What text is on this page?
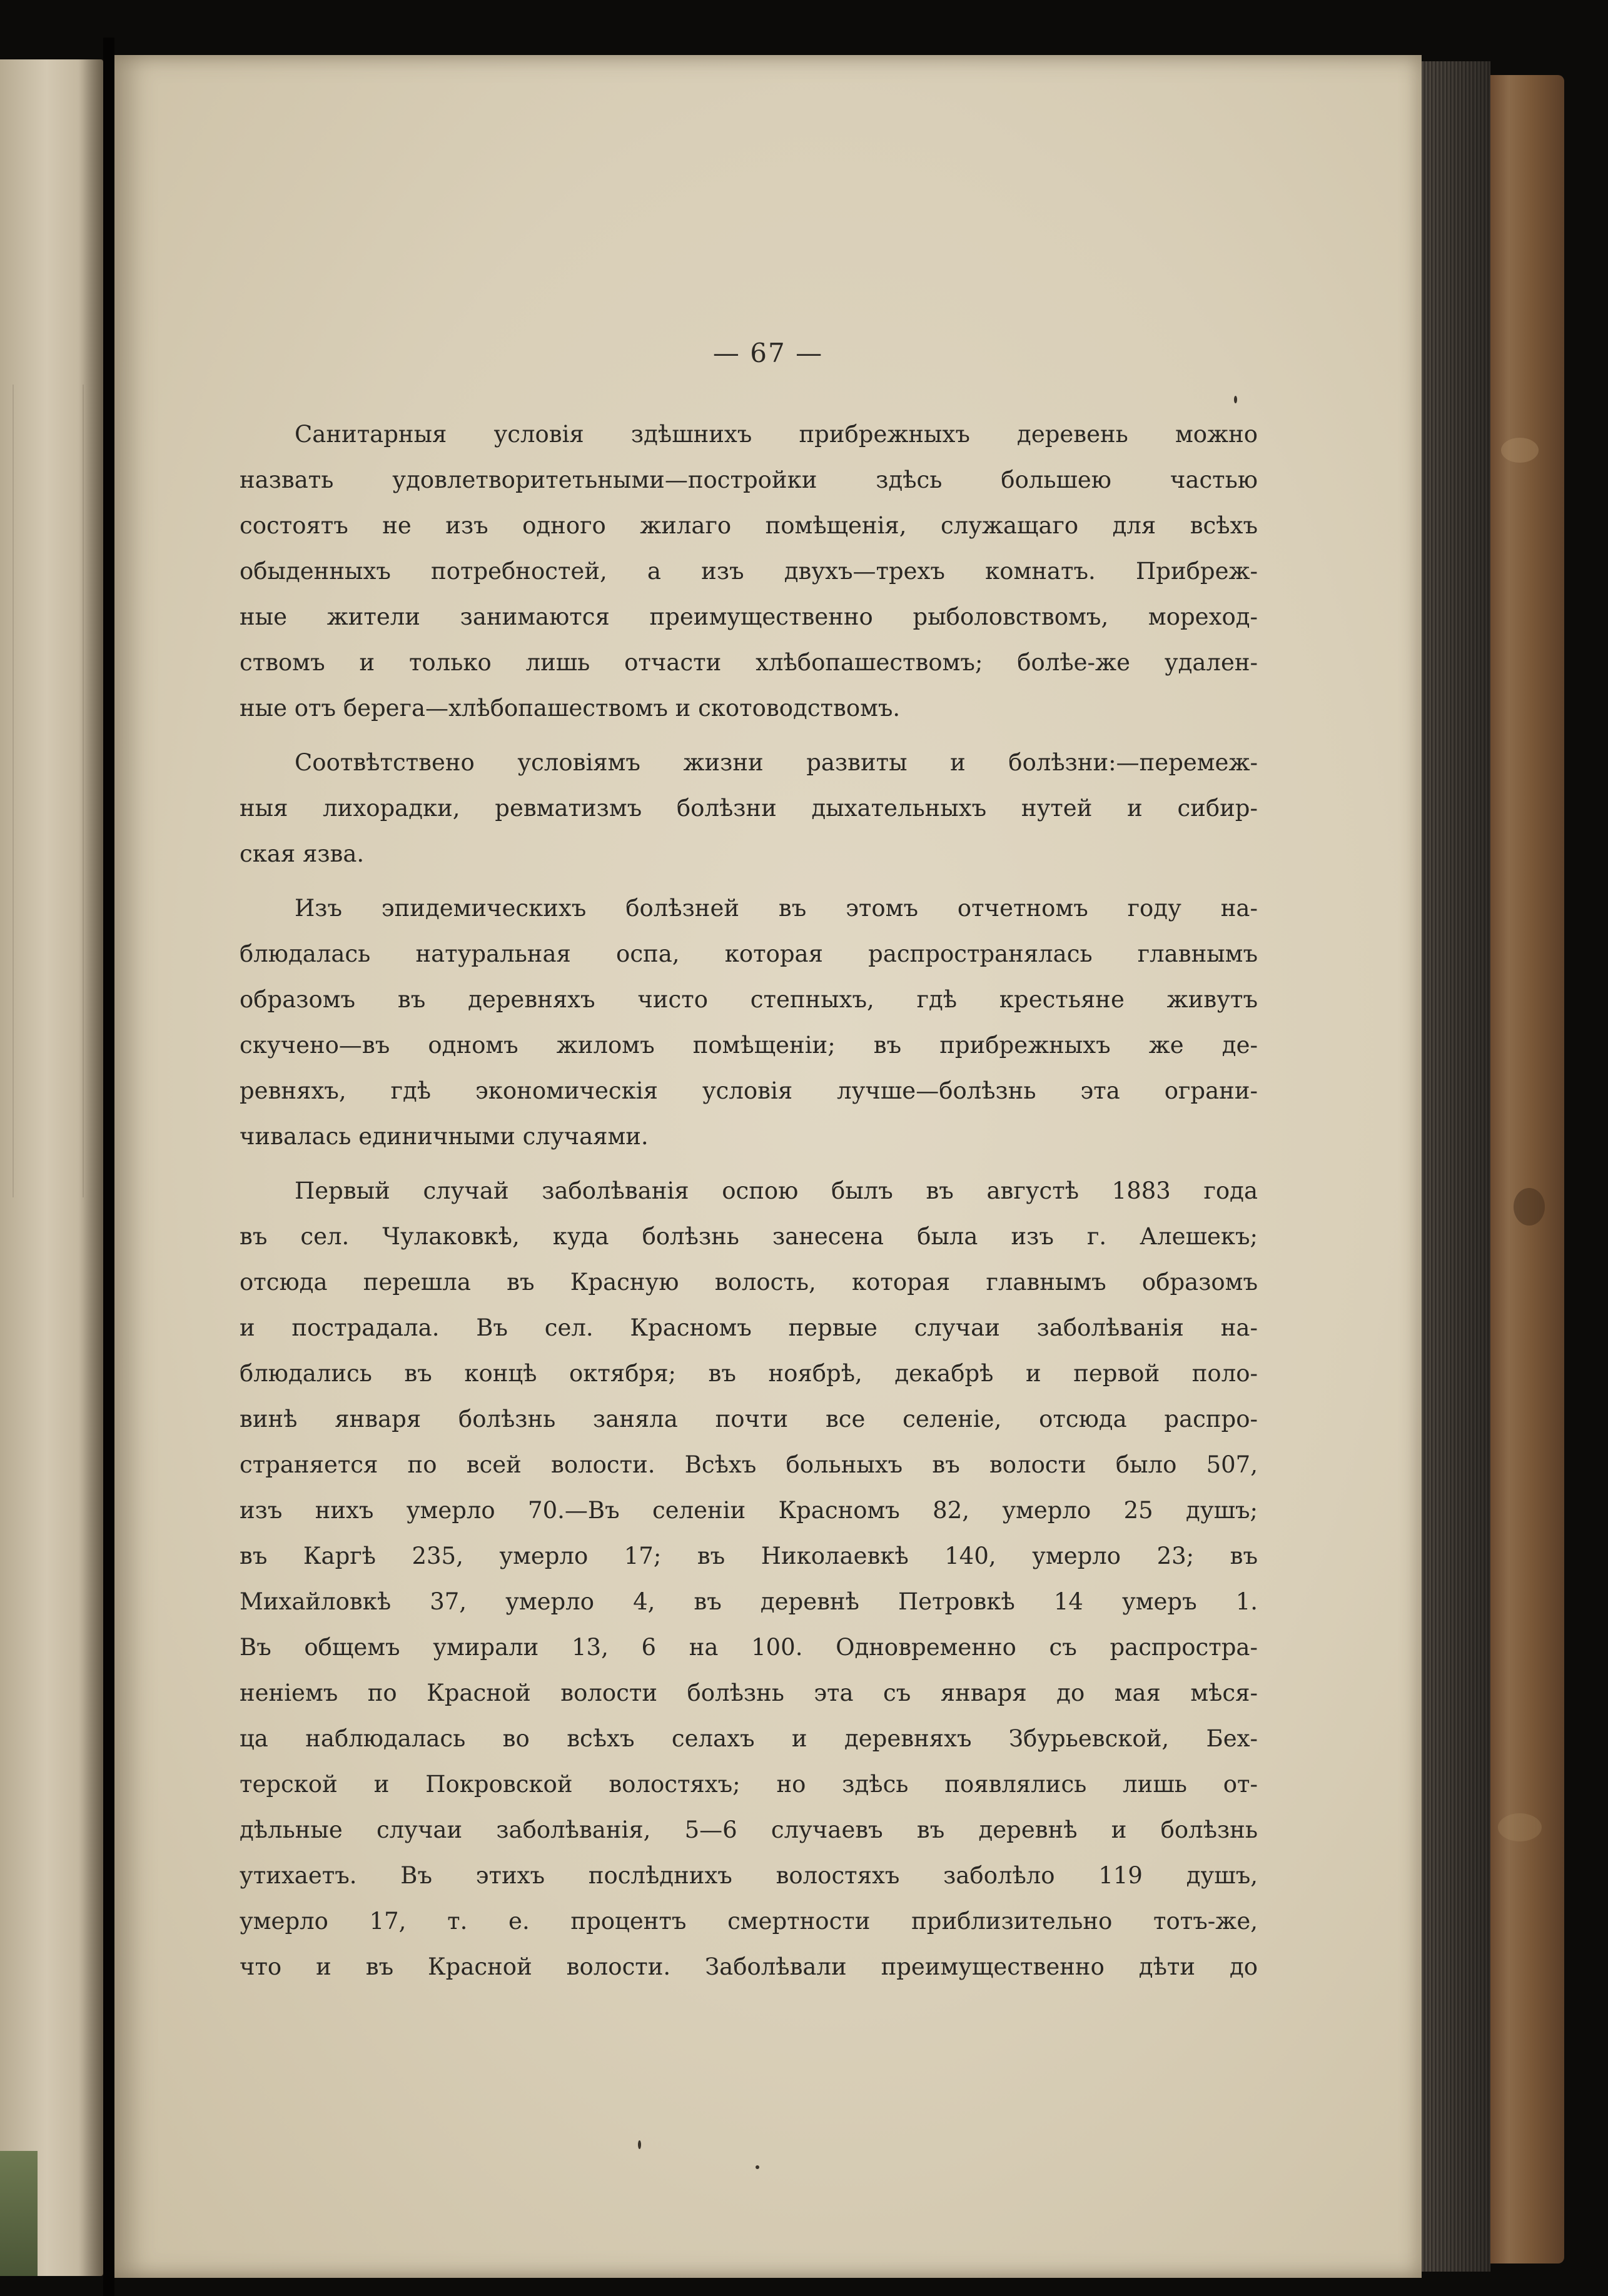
— 67 —
Санитарныя условія здѣшнихъ прибрежныхъ деревень можно
назвать удовлетворитетьными—постройки здѣсь большею частью
состоятъ не изъ одного жилаго помѣщенія, служащаго для всѣхъ
обыденныхъ потребностей, а изъ двухъ—трехъ комнатъ. Прибреж-
ные жители занимаются преимущественно рыболовствомъ, мореход-
ствомъ и только лишь отчасти хлѣбопашествомъ; болѣе-же удален-
ные отъ берега—хлѣбопашествомъ и скотоводствомъ.
Соотвѣтствено условіямъ жизни развиты и болѣзни:—перемеж-
ныя лихорадки, ревматизмъ болѣзни дыхательныхъ нутей и сибир-
ская язва.
Изъ эпидемическихъ болѣзней въ этомъ отчетномъ году на-
блюдалась натуральная оспа, которая распространялась главнымъ
образомъ въ деревняхъ чисто степныхъ, гдѣ крестьяне живутъ
скучено—въ одномъ жиломъ помѣщеніи; въ прибрежныхъ же де-
ревняхъ, гдѣ экономическія условія лучше—болѣзнь эта ограни-
чивалась единичными случаями.
Первый случай заболѣванія оспою былъ въ августѣ 1883 года
въ сел. Чулаковкѣ, куда болѣзнь занесена была изъ г. Алешекъ;
отсюда перешла въ Красную волость, которая главнымъ образомъ
и пострадала. Въ сел. Красномъ первые случаи заболѣванія на-
блюдались въ концѣ октября; въ ноябрѣ, декабрѣ и первой поло-
винѣ января болѣзнь заняла почти все селеніе, отсюда распро-
страняется по всей волости. Всѣхъ больныхъ въ волости было 507,
изъ нихъ умерло 70.—Въ селеніи Красномъ 82, умерло 25 душъ;
въ Каргѣ 235, умерло 17; въ Николаевкѣ 140, умерло 23; въ
Михайловкѣ 37, умерло 4, въ деревнѣ Петровкѣ 14 умеръ 1.
Въ общемъ умирали 13, 6 на 100. Одновременно съ распростра-
неніемъ по Красной волости болѣзнь эта съ января до мая мѣся-
ца наблюдалась во всѣхъ селахъ и деревняхъ Збурьевской, Бех-
терской и Покровской волостяхъ; но здѣсь появлялись лишь от-
дѣльные случаи заболѣванія, 5—6 случаевъ въ деревнѣ и болѣзнь
утихаетъ. Въ этихъ послѣднихъ волостяхъ заболѣло 119 душъ,
умерло 17, т. е. процентъ смертности приблизительно тотъ-же,
что и въ Красной волости. Заболѣвали преимущественно дѣти до
